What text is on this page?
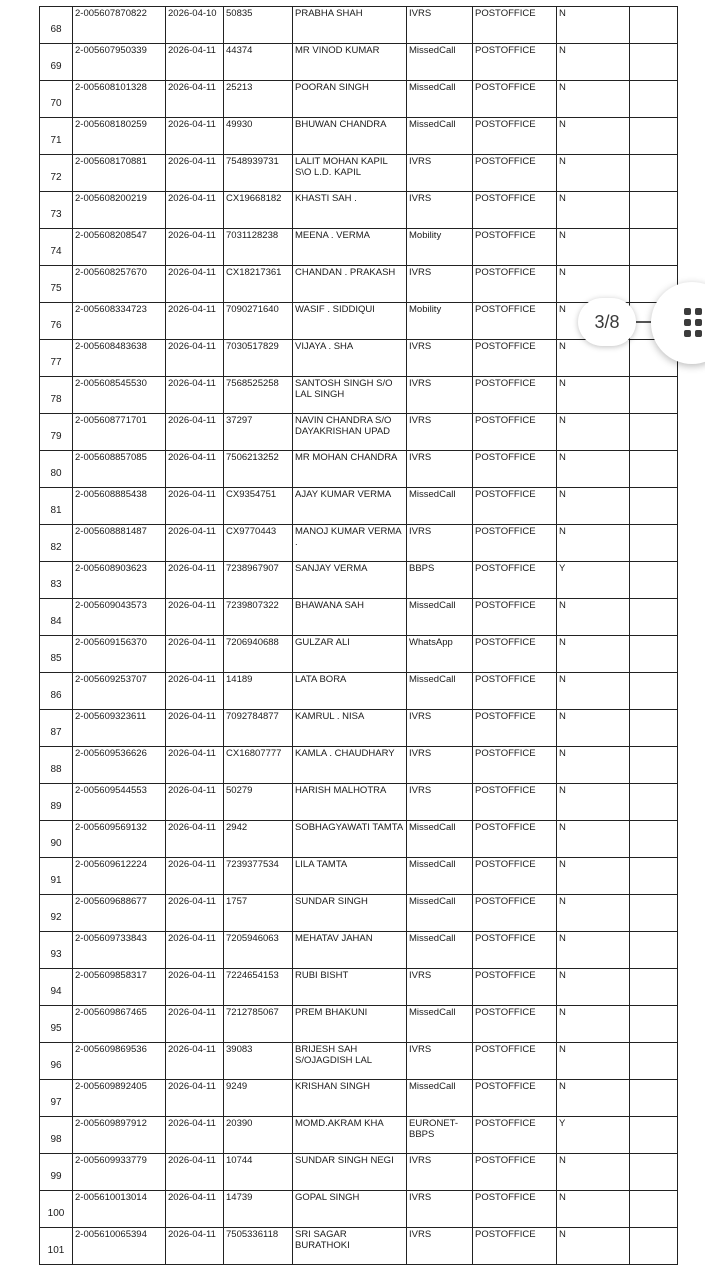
68	2-005607870822	2026-04-10	50835	PRABHA SHAH	IVRS	POSTOFFICE	N	

69	2-005607950339	2026-04-11	44374	MR VINOD KUMAR	MissedCall	POSTOFFICE	N	

70	2-005608101328	2026-04-11	25213	POORAN SINGH	MissedCall	POSTOFFICE	N	

71	2-005608180259	2026-04-11	49930	BHUWAN CHANDRA	MissedCall	POSTOFFICE	N	

72	2-005608170881	2026-04-11	7548939731	LALIT MOHAN KAPIL S\O L.D. KAPIL	IVRS	POSTOFFICE	N	

73	2-005608200219	2026-04-11	CX19668182	KHASTI SAH .	IVRS	POSTOFFICE	N	

74	2-005608208547	2026-04-11	7031128238	MEENA . VERMA	Mobility	POSTOFFICE	N	

75	2-005608257670	2026-04-11	CX18217361	CHANDAN . PRAKASH	IVRS	POSTOFFICE	N	

76	2-005608334723	2026-04-11	7090271640	WASIF . SIDDIQUI	Mobility	POSTOFFICE	N	

77	2-005608483638	2026-04-11	7030517829	VIJAYA . SHA	IVRS	POSTOFFICE	N	

78	2-005608545530	2026-04-11	7568525258	SANTOSH SINGH S/O LAL SINGH	IVRS	POSTOFFICE	N	

79	2-005608771701	2026-04-11	37297	NAVIN CHANDRA S/O DAYAKRISHAN UPAD	IVRS	POSTOFFICE	N	

80	2-005608857085	2026-04-11	7506213252	MR MOHAN CHANDRA	IVRS	POSTOFFICE	N	

81	2-005608885438	2026-04-11	CX9354751	AJAY KUMAR VERMA	MissedCall	POSTOFFICE	N	

82	2-005608881487	2026-04-11	CX9770443	MANOJ KUMAR VERMA .	IVRS	POSTOFFICE	N	

83	2-005608903623	2026-04-11	7238967907	SANJAY VERMA	BBPS	POSTOFFICE	Y	

84	2-005609043573	2026-04-11	7239807322	BHAWANA SAH	MissedCall	POSTOFFICE	N	

85	2-005609156370	2026-04-11	7206940688	GULZAR ALI	WhatsApp	POSTOFFICE	N	

86	2-005609253707	2026-04-11	14189	LATA BORA	MissedCall	POSTOFFICE	N	

87	2-005609323611	2026-04-11	7092784877	KAMRUL . NISA	IVRS	POSTOFFICE	N	

88	2-005609536626	2026-04-11	CX16807777	KAMLA . CHAUDHARY	IVRS	POSTOFFICE	N	

89	2-005609544553	2026-04-11	50279	HARISH MALHOTRA	IVRS	POSTOFFICE	N	

90	2-005609569132	2026-04-11	2942	SOBHAGYAWATI TAMTA	MissedCall	POSTOFFICE	N	

91	2-005609612224	2026-04-11	7239377534	LILA TAMTA	MissedCall	POSTOFFICE	N	

92	2-005609688677	2026-04-11	1757	SUNDAR SINGH	MissedCall	POSTOFFICE	N	

93	2-005609733843	2026-04-11	7205946063	MEHATAV JAHAN	MissedCall	POSTOFFICE	N	

94	2-005609858317	2026-04-11	7224654153	RUBI BISHT	IVRS	POSTOFFICE	N	

95	2-005609867465	2026-04-11	7212785067	PREM BHAKUNI	MissedCall	POSTOFFICE	N	

96	2-005609869536	2026-04-11	39083	BRIJESH SAH S/OJAGDISH LAL	IVRS	POSTOFFICE	N	

97	2-005609892405	2026-04-11	9249	KRISHAN SINGH	MissedCall	POSTOFFICE	N	

98	2-005609897912	2026-04-11	20390	MOMD.AKRAM KHA	EURONET-BBPS	POSTOFFICE	Y	

99	2-005609933779	2026-04-11	10744	SUNDAR SINGH NEGI	IVRS	POSTOFFICE	N	

100	2-005610013014	2026-04-11	14739	GOPAL SINGH	IVRS	POSTOFFICE	N	

101	2-005610065394	2026-04-11	7505336118	SRI SAGAR BURATHOKI	IVRS	POSTOFFICE	N	

3/8
